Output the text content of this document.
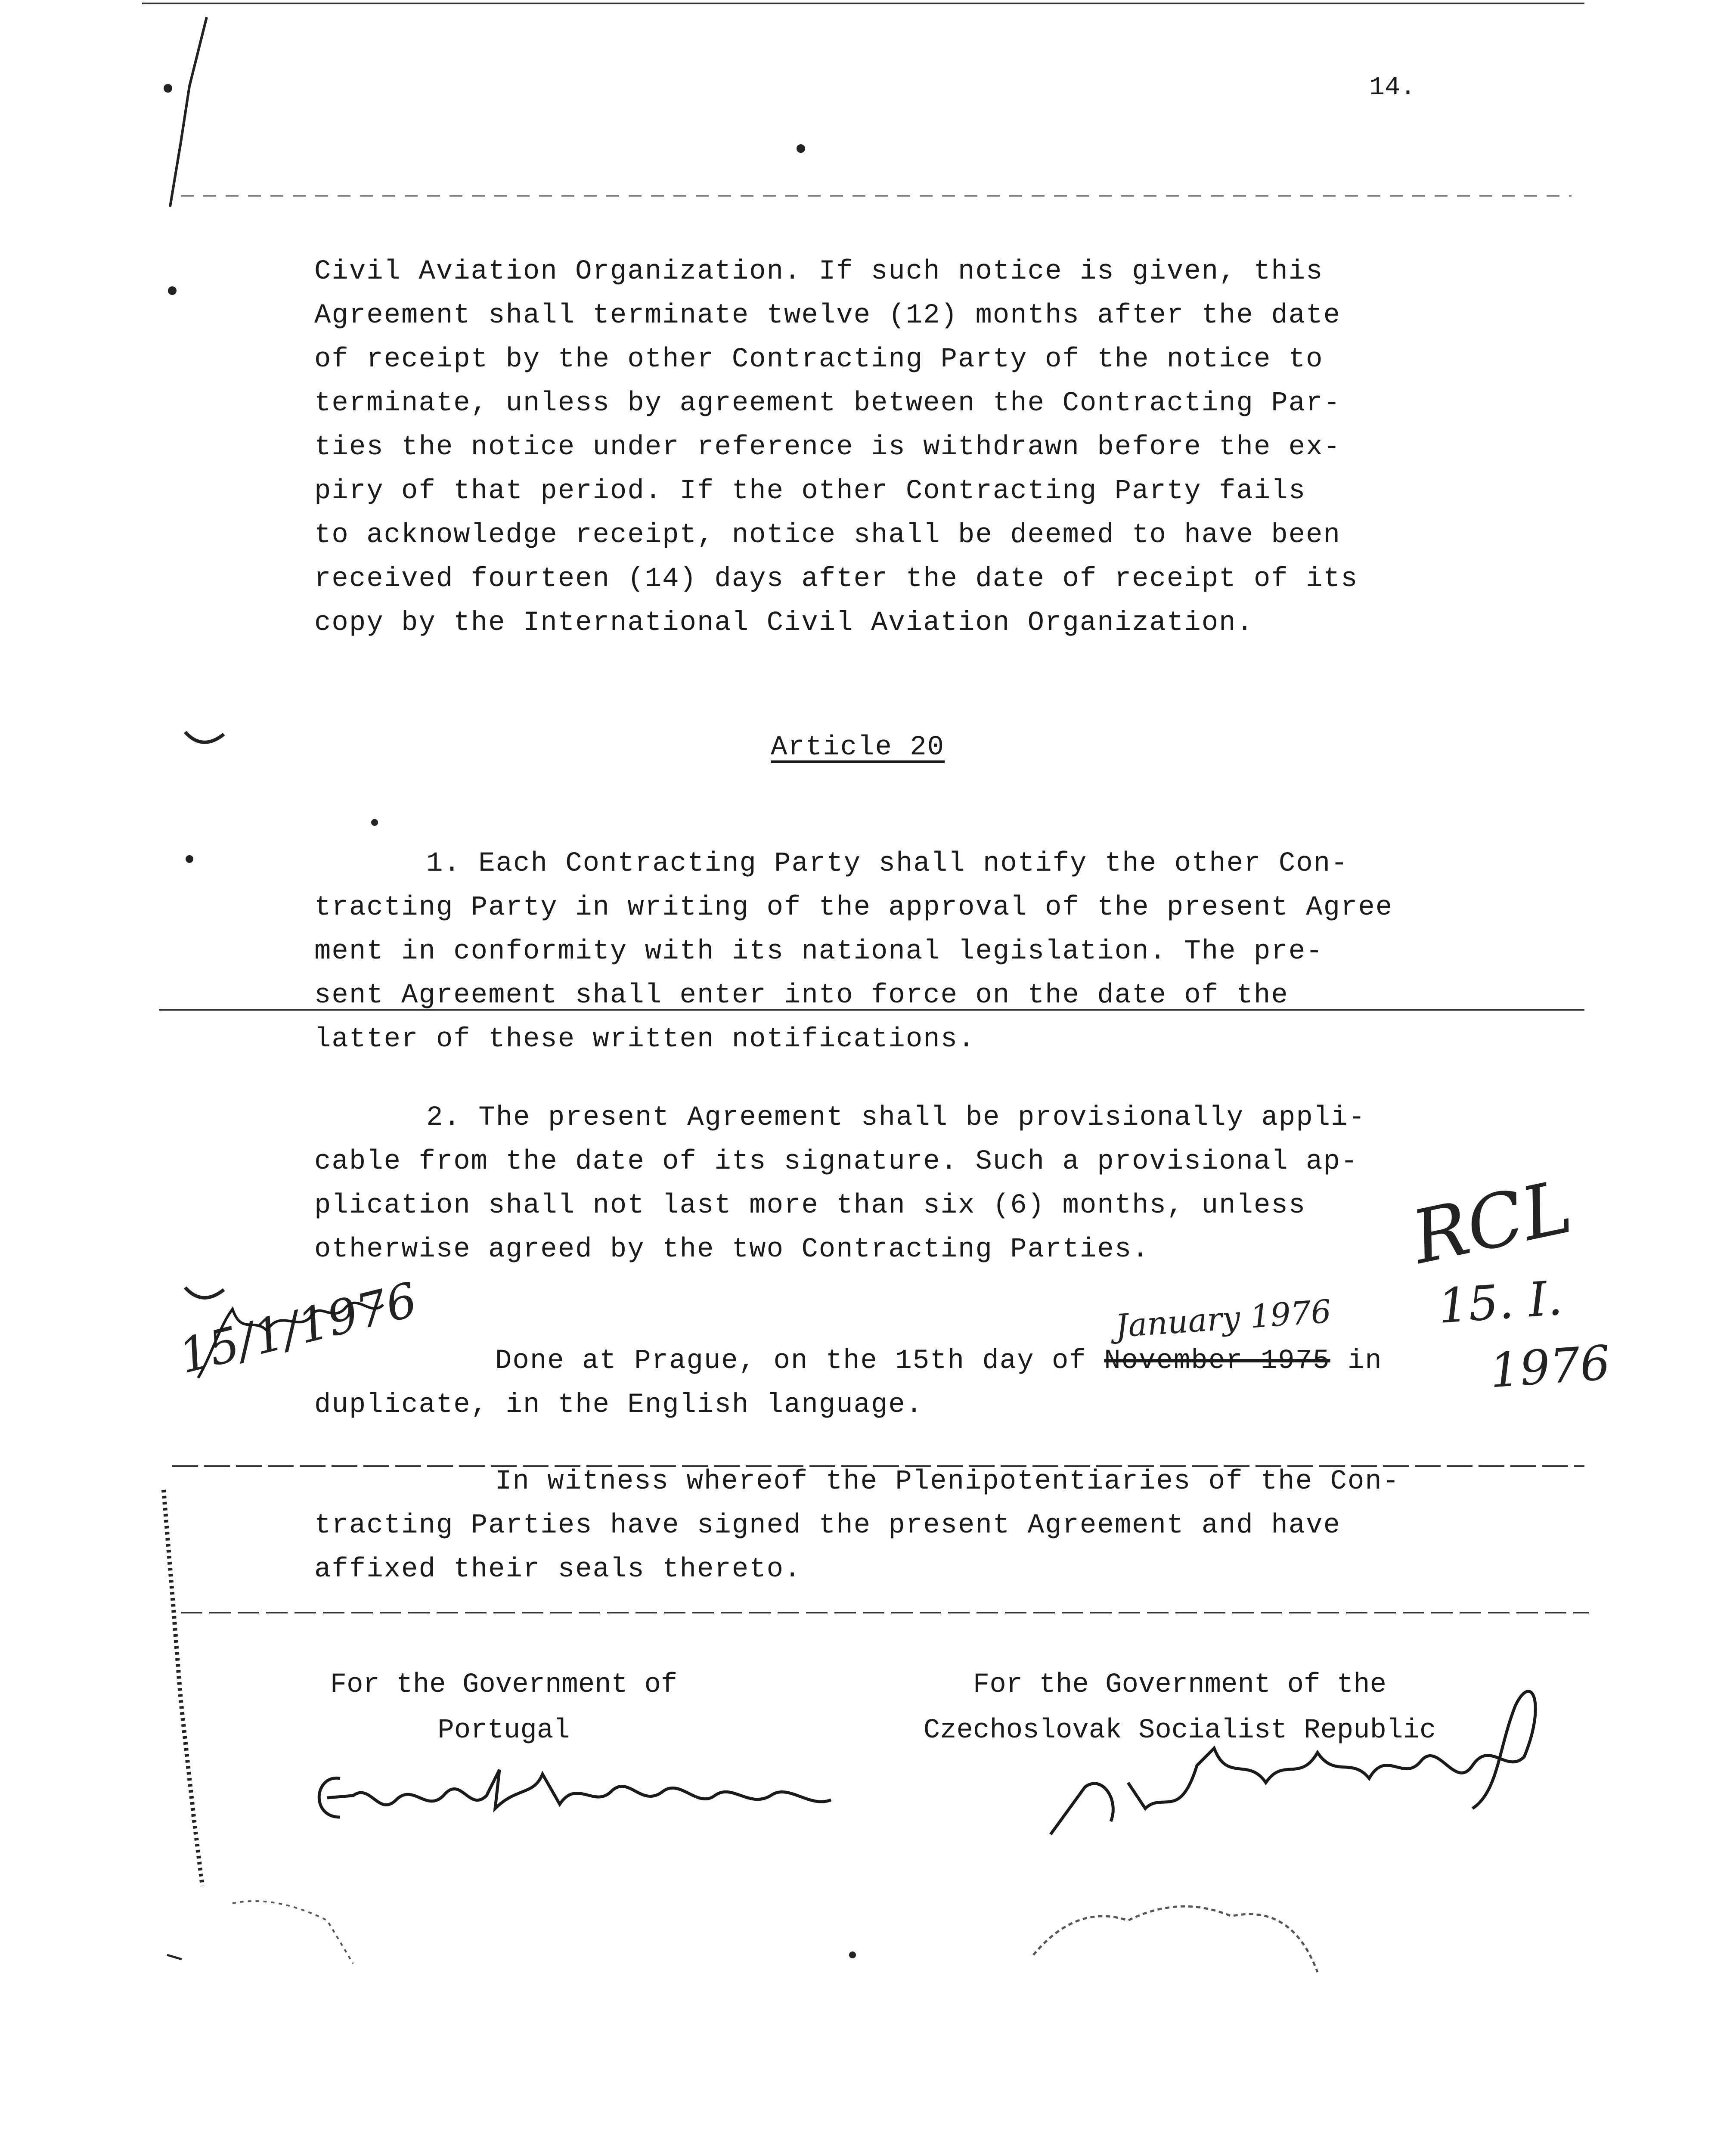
14.
Civil Aviation Organization. If such notice is given, this
Agreement shall terminate twelve (12) months after the date
of receipt by the other Contracting Party of the notice to
terminate, unless by agreement between the Contracting Par-
ties the notice under reference is withdrawn before the ex-
piry of that period. If the other Contracting Party fails
to acknowledge receipt, notice shall be deemed to have been
received fourteen (14) days after the date of receipt of its
copy by the International Civil Aviation Organization.
Article 20
1. Each Contracting Party shall notify the other Con-
tracting Party in writing of the approval of the present Agree
ment in conformity with its national legislation. The pre-
sent Agreement shall enter into force on the date of the
latter of these written notifications.
2. The present Agreement shall be provisionally appli-
cable from the date of its signature. Such a provisional ap-
plication shall not last more than six (6) months, unless
otherwise agreed by the two Contracting Parties.
Done at Prague, on the 15th day of November 1975 in
duplicate, in the English language.
In witness whereof the Plenipotentiaries of the Con-
tracting Parties have signed the present Agreement and have
affixed their seals thereto.
For the Government of
Portugal
For the Government of the
Czechoslovak Socialist Republic
January 1976
15/1/1976
RCL
15. I.
1976
